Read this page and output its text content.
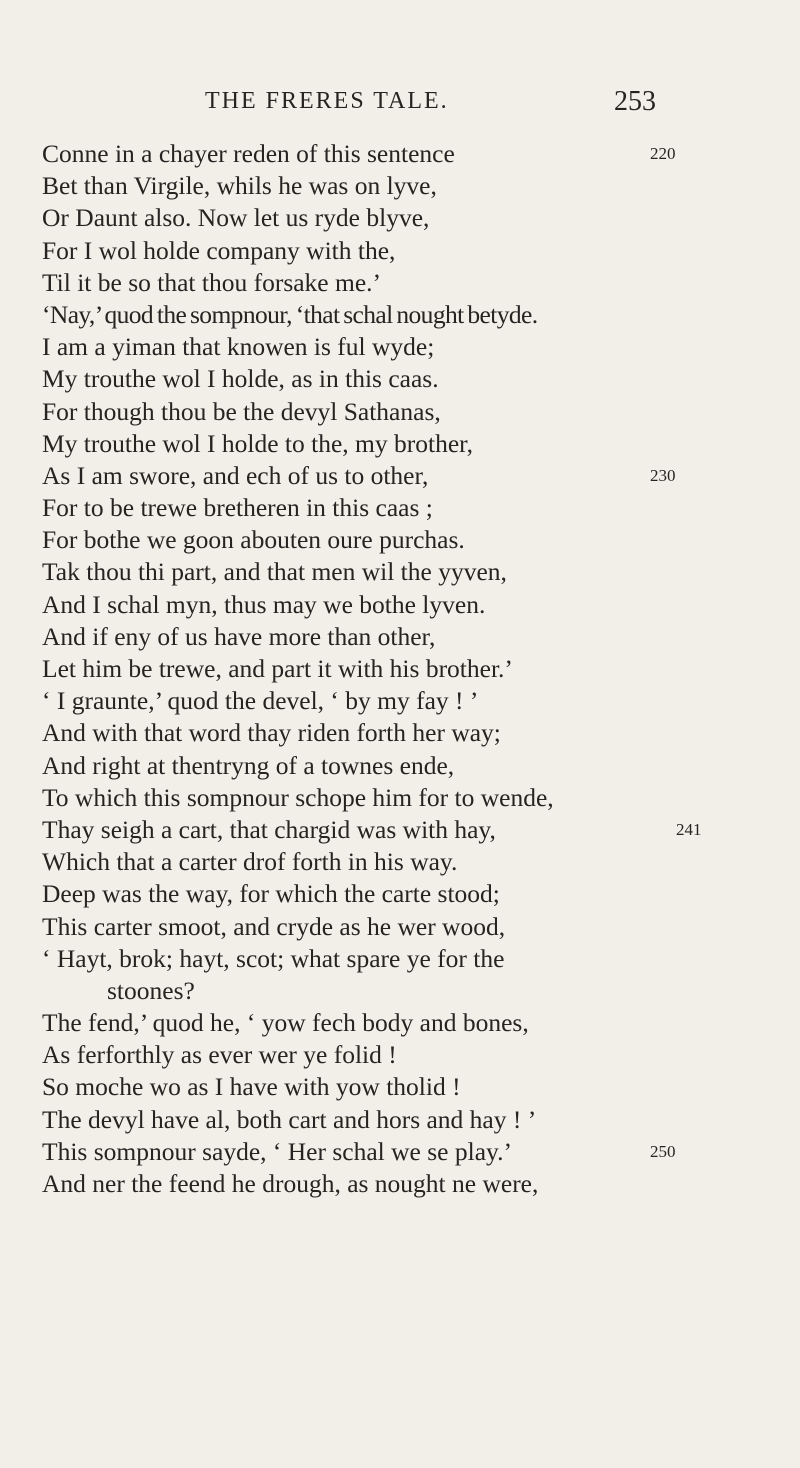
THE FRERES TALE.	253
Conne in a chayer reden of this sentence	220
Bet than Virgile, whils he was on lyve,
Or Daunt also. Now let us ryde blyve,
For I wol holde company with the,
Til it be so that thou forsake me.’
‘Nay,’ quod the sompnour, ‘that schal nought betyde.
I am a yiman that knowen is ful wyde;
My trouthe wol I holde, as in this caas.
For though thou be the devyl Sathanas,
My trouthe wol I holde to the, my brother,
As I am swore, and ech of us to other,	230
For to be trewe bretheren in this caas ;
For bothe we goon abouten oure purchas.
Tak thou thi part, and that men wil the yyven,
And I schal myn, thus may we bothe lyven.
And if eny of us have more than other,
Let him be trewe, and part it with his brother.’
‘ I graunte,’ quod the devel, ‘ by my fay ! ’
And with that word thay riden forth her way;
And right at thentryng of a townes ende,
To which this sompnour schope him for to wende,
Thay seigh a cart, that chargid was with hay,	241
Which that a carter drof forth in his way.
Deep was the way, for which the carte stood;
This carter smoot, and cryde as he wer wood,
‘ Hayt, brok; hayt, scot; what spare ye for the
stoones?
The fend,’ quod he, ‘ yow fech body and bones,
As ferforthly as ever wer ye folid !
So moche wo as I have with yow tholid !
The devyl have al, both cart and hors and hay ! ’
This sompnour sayde, ‘ Her schal we se play.’	250
And ner the feend he drough, as nought ne were,
